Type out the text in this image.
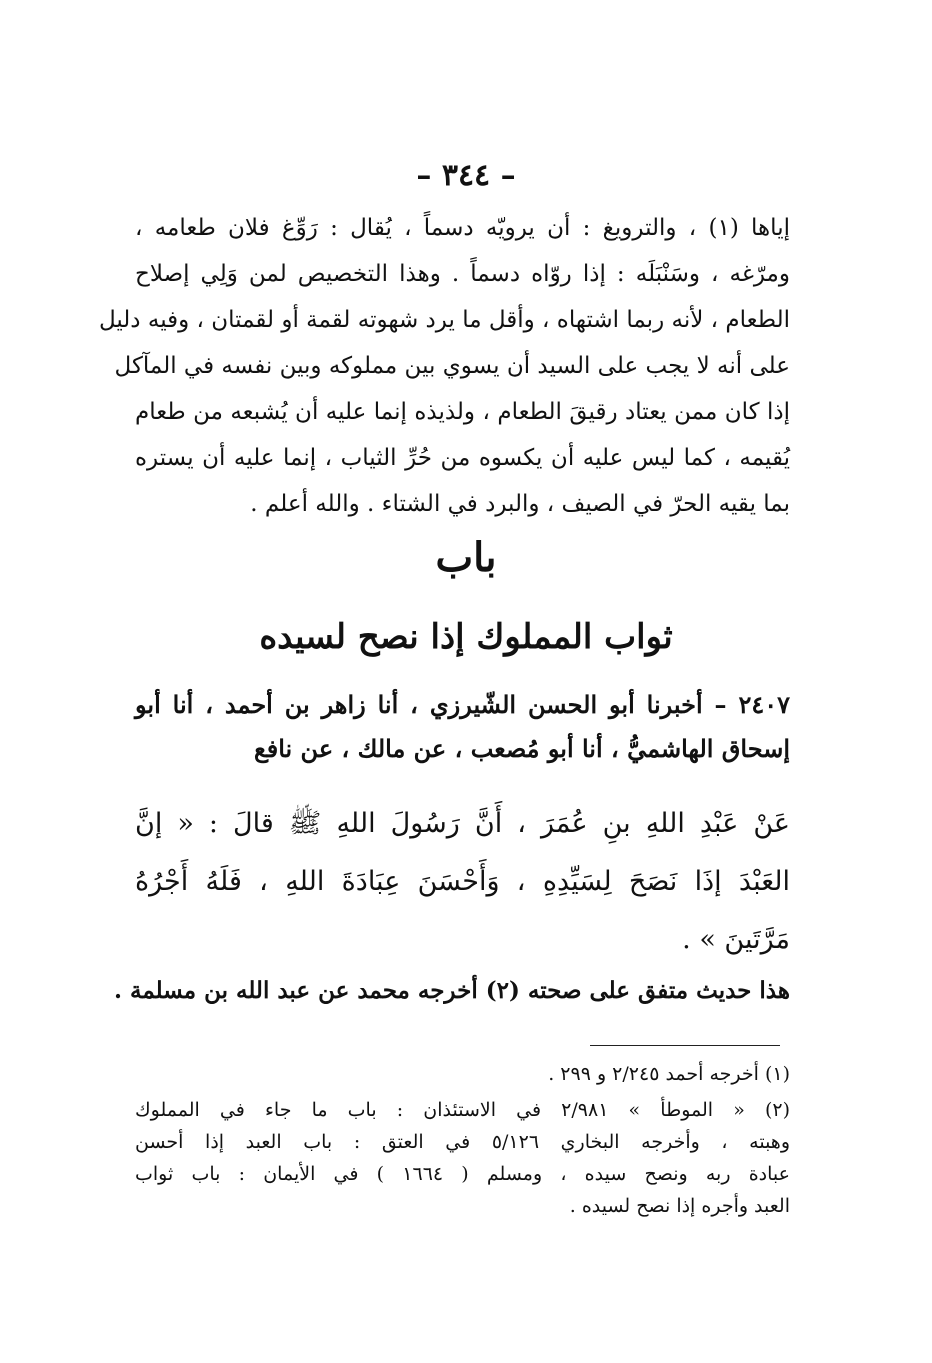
– ٣٤٤ –
إياها (١) ، والترويغ : أن يرويّه دسماً ، يُقال : رَوِّغ فلان طعامه ،
ومرّغه ، وسَنْبَلَه : إذا روّاه دسماً . وهذا التخصيص لمن وَلِي إصلاح
الطعام ، لأنه ربما اشتهاه ، وأقل ما يرد شهوته لقمة أو لقمتان ، وفيه دليل
على أنه لا يجب على السيد أن يسوي بين مملوكه وبين نفسه في المآكل
إذا كان ممن يعتاد رقيقَ الطعام ، ولذيذه إنما عليه أن يُشبعه من طعام
يُقيمه ، كما ليس عليه أن يكسوه من حُرِّ الثياب ، إنما عليه أن يستره
بما يقيه الحرّ في الصيف ، والبرد في الشتاء . والله أعلم .
باب
ثواب المملوك إذا نصح لسيده
٢٤٠٧ – أخبرنا أبو الحسن الشّيرزي ، أنا زاهر بن أحمد ، أنا أبو
إسحاق الهاشميُّ ، أنا أبو مُصعب ، عن مالك ، عن نافع
عَنْ عَبْدِ اللهِ بنِ عُمَرَ ، أَنَّ رَسُولَ اللهِ ﷺ قالَ : « إنَّ
العَبْدَ إذَا نَصَحَ لِسَيِّدِهِ ، وَأَحْسَنَ عِبَادَةَ اللهِ ، فَلَهُ أَجْرُهُ
مَرَّتَينَ » .
هذا حديث متفق على صحته (٢) أخرجه محمد عن عبد الله بن مسلمة .
(١) أخرجه أحمد ٢/٢٤٥ و ٢٩٩ .
(٢) « الموطأ » ٢/٩٨١ في الاستئذان : باب ما جاء في المملوك
وهبته ، وأخرجه البخاري ٥/١٢٦ في العتق : باب العبد إذا أحسن
عبادة ربه ونصح سيده ، ومسلم ( ١٦٦٤ ) في الأيمان : باب ثواب
العبد وأجره إذا نصح لسيده .
